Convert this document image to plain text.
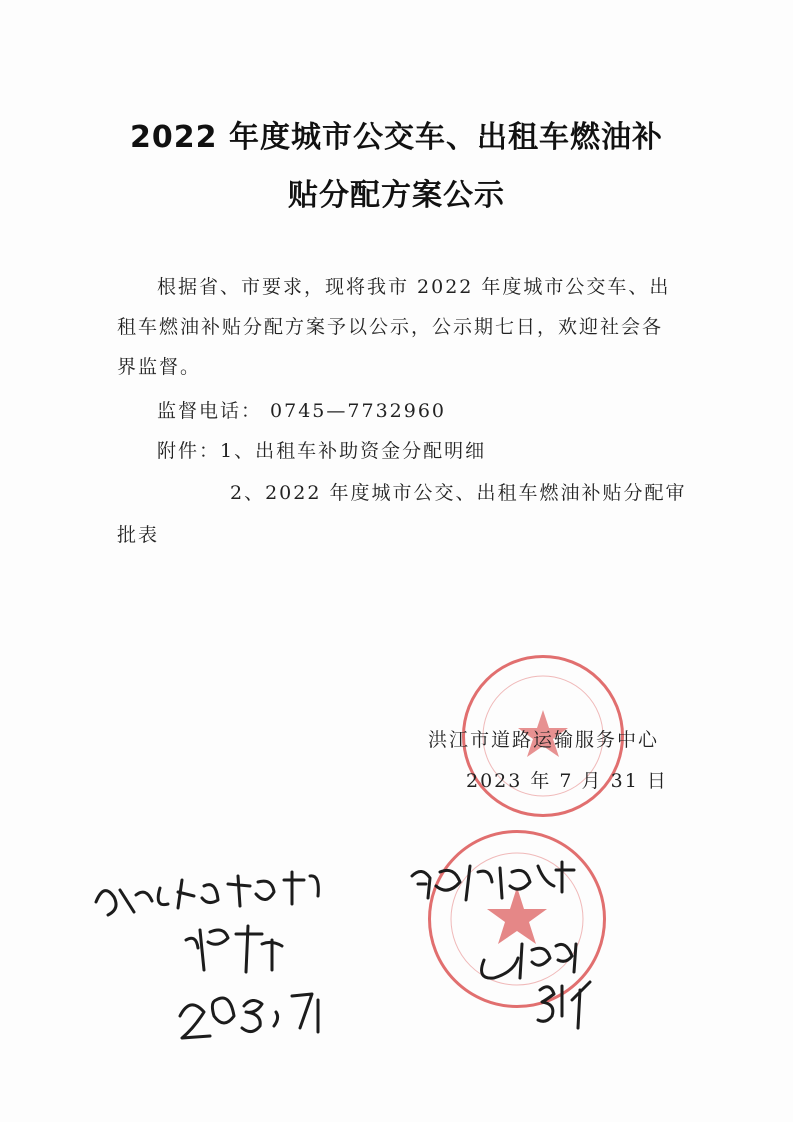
2022 年度城市公交车、出租车燃油补
贴分配方案公示
根据省、市要求，现将我市 2022 年度城市公交车、出租车燃油补贴分配方案予以公示，公示期七日，欢迎社会各界监督。
监督电话： 0745—7732960
附件：1、出租车补助资金分配明细
2、2022 年度城市公交、出租车燃油补贴分配审
批表
洪江市道路运输服务中心
2023 年 7 月 31 日
